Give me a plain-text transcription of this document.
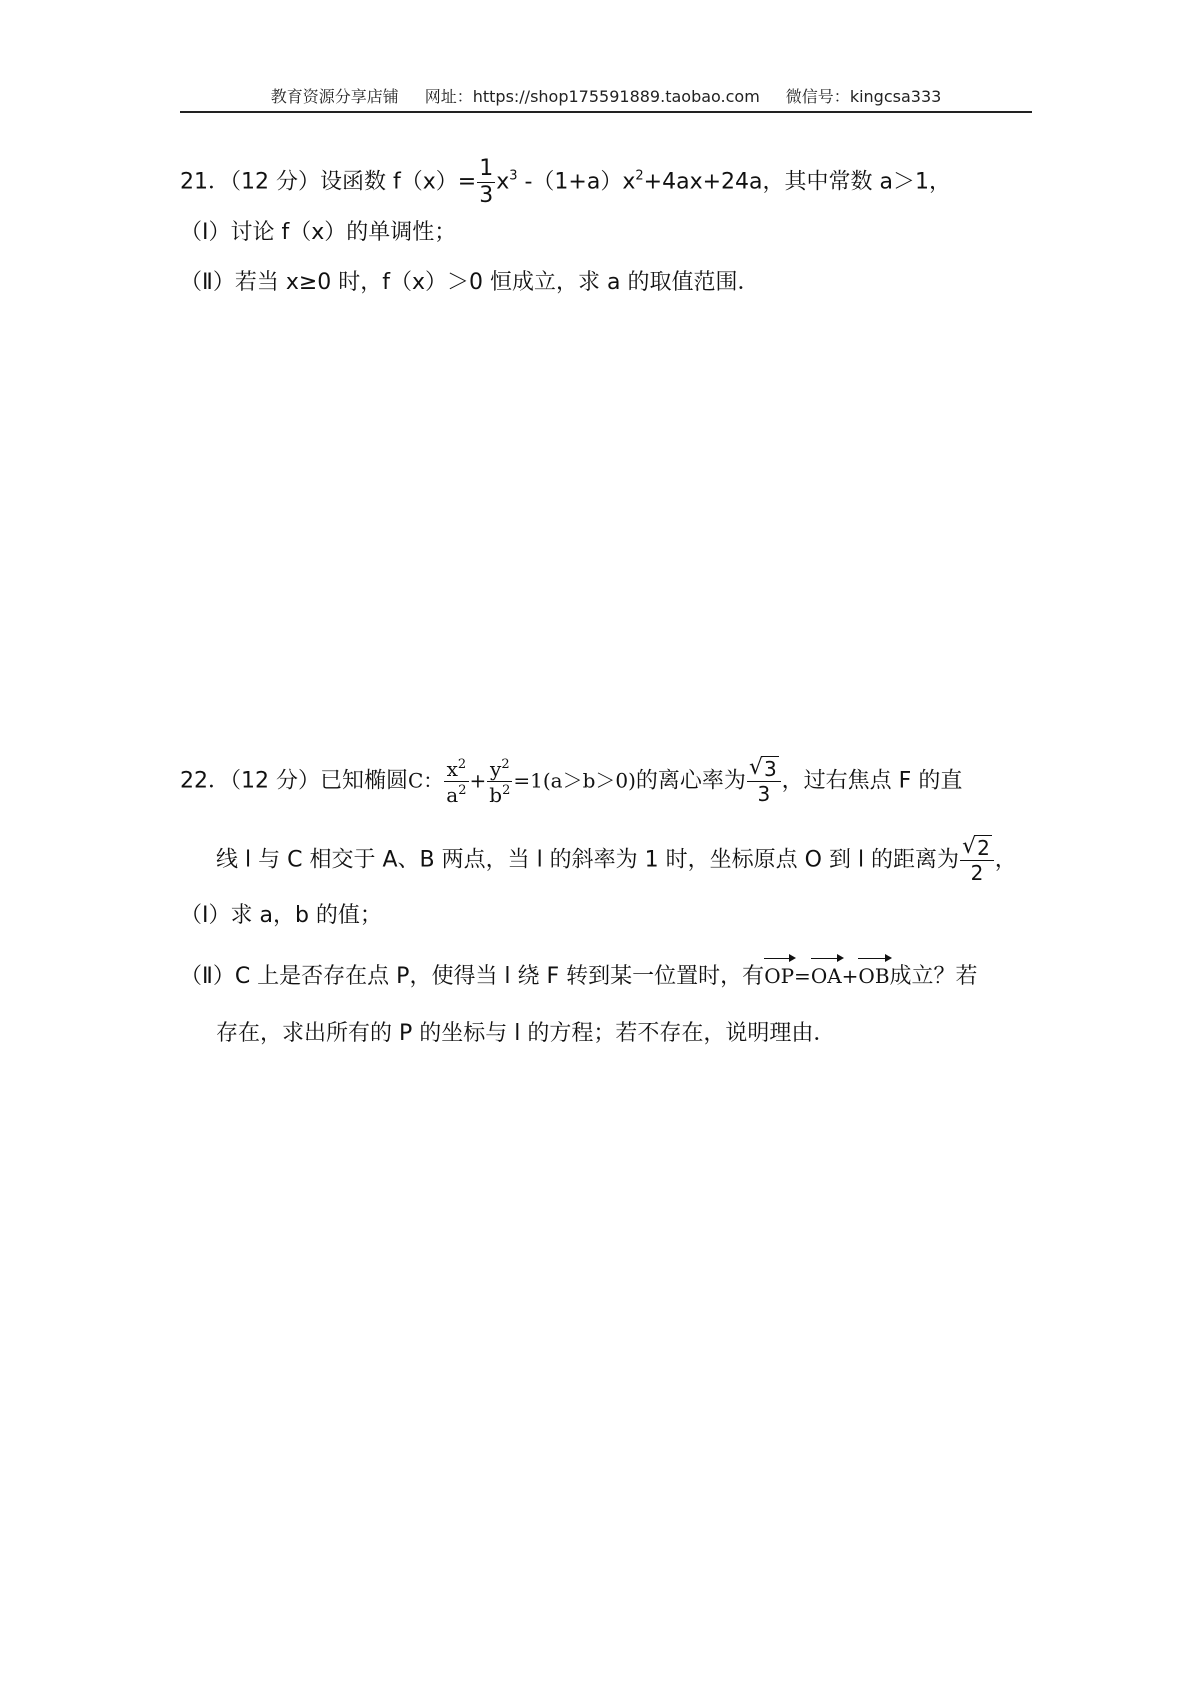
教育资源分享店铺 网址：https://shop175591889.taobao.com 微信号：kingcsa333
21．（12 分）设函数 $f(x)= \frac{1}{3} x^3$ $-(1+a)x^2+4ax+24a$，其中常数 a＞1，
（Ⅰ）讨论 f（x）的单调性；
（Ⅱ）若当 x≥0 时，f（x）＞0 恒成立，求 a 的取值范围．
22．（12 分）已知椭圆C： $\frac{x^2}{a^2} + \frac{y^2}{b^2} =1(a>b>0)$的离心率为 $\frac{√ 3}{3}$ ，过右焦点 F 的直
线 l 与 C 相交于 A、B 两点，当 l 的斜率为 1 时，坐标原点 O 到 l 的距离为 $\frac{√ 2}{2}$ ，
（Ⅰ）求 a，b 的值；
（Ⅱ）C 上是否存在点 P，使得当 l 绕 F 转到某一位置时，有
OP=
OA+
OB成立？若
存在，求出所有的 P 的坐标与 l 的方程；若不存在，说明理由．
